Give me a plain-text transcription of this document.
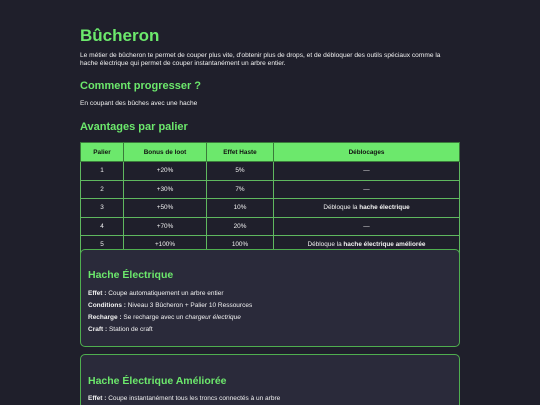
Bûcheron
Le métier de bûcheron te permet de couper plus vite, d'obtenir plus de drops, et de débloquer des outils spéciaux comme la hache électrique qui permet de couper instantanément un arbre entier.
Comment progresser ?
En coupant des bûches avec une hache
Avantages par palier
Palier	Bonus de loot	Effet Haste	Déblocages
1	+20%	5%	—
2	+30%	7%	—
3	+50%	10%	Débloque la hache électrique
4	+70%	20%	—
5	+100%	100%	Débloque la hache électrique améliorée
Hache Électrique
Effet : Coupe automatiquement un arbre entier
Conditions : Niveau 3 Bûcheron + Palier 10 Ressources
Recharge : Se recharge avec un chargeur électrique
Craft : Station de craft
Hache Électrique Améliorée
Effet : Coupe instantanément tous les troncs connectés à un arbre
